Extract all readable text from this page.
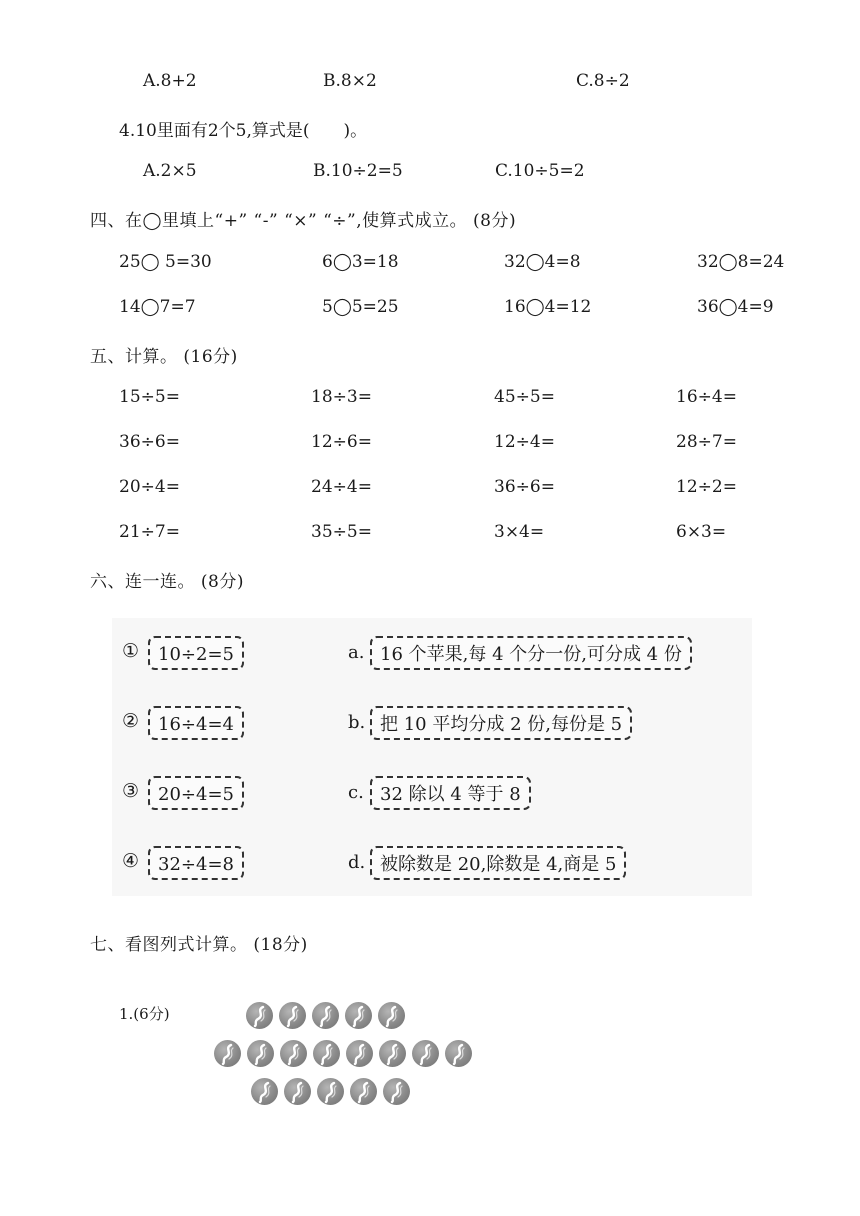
A.8+2	B.8×2	C.8÷2
4.10里面有2个5,算式是(　　)。
A.2×5	B.10÷2=5	C.10÷5=2
四、在◯里填上“+” “-” “×” “÷”,使算式成立。 (8分)
25◯ 5=30	6◯3=18	32◯4=8	32◯8=24
14◯7=7	5◯5=25	16◯4=12	36◯4=9
五、计算。 (16分)
15÷5=	18÷3=	45÷5=	16÷4=
36÷6=	12÷6=	12÷4=	28÷7=
20÷4=	24÷4=	36÷6=	12÷2=
21÷7=	35÷5=	3×4=	6×3=
六、连一连。 (8分)
①	10÷2=5
②	16÷4=4
③	20÷4=5
④	32÷4=8
a. 16 个苹果,每 4 个分一份,可分成 4 份
b. 把 10 平均分成 2 份,每份是 5
c. 32 除以 4 等于 8
d. 被除数是 20,除数是 4,商是 5
七、看图列式计算。 (18分)
1.(6分)
